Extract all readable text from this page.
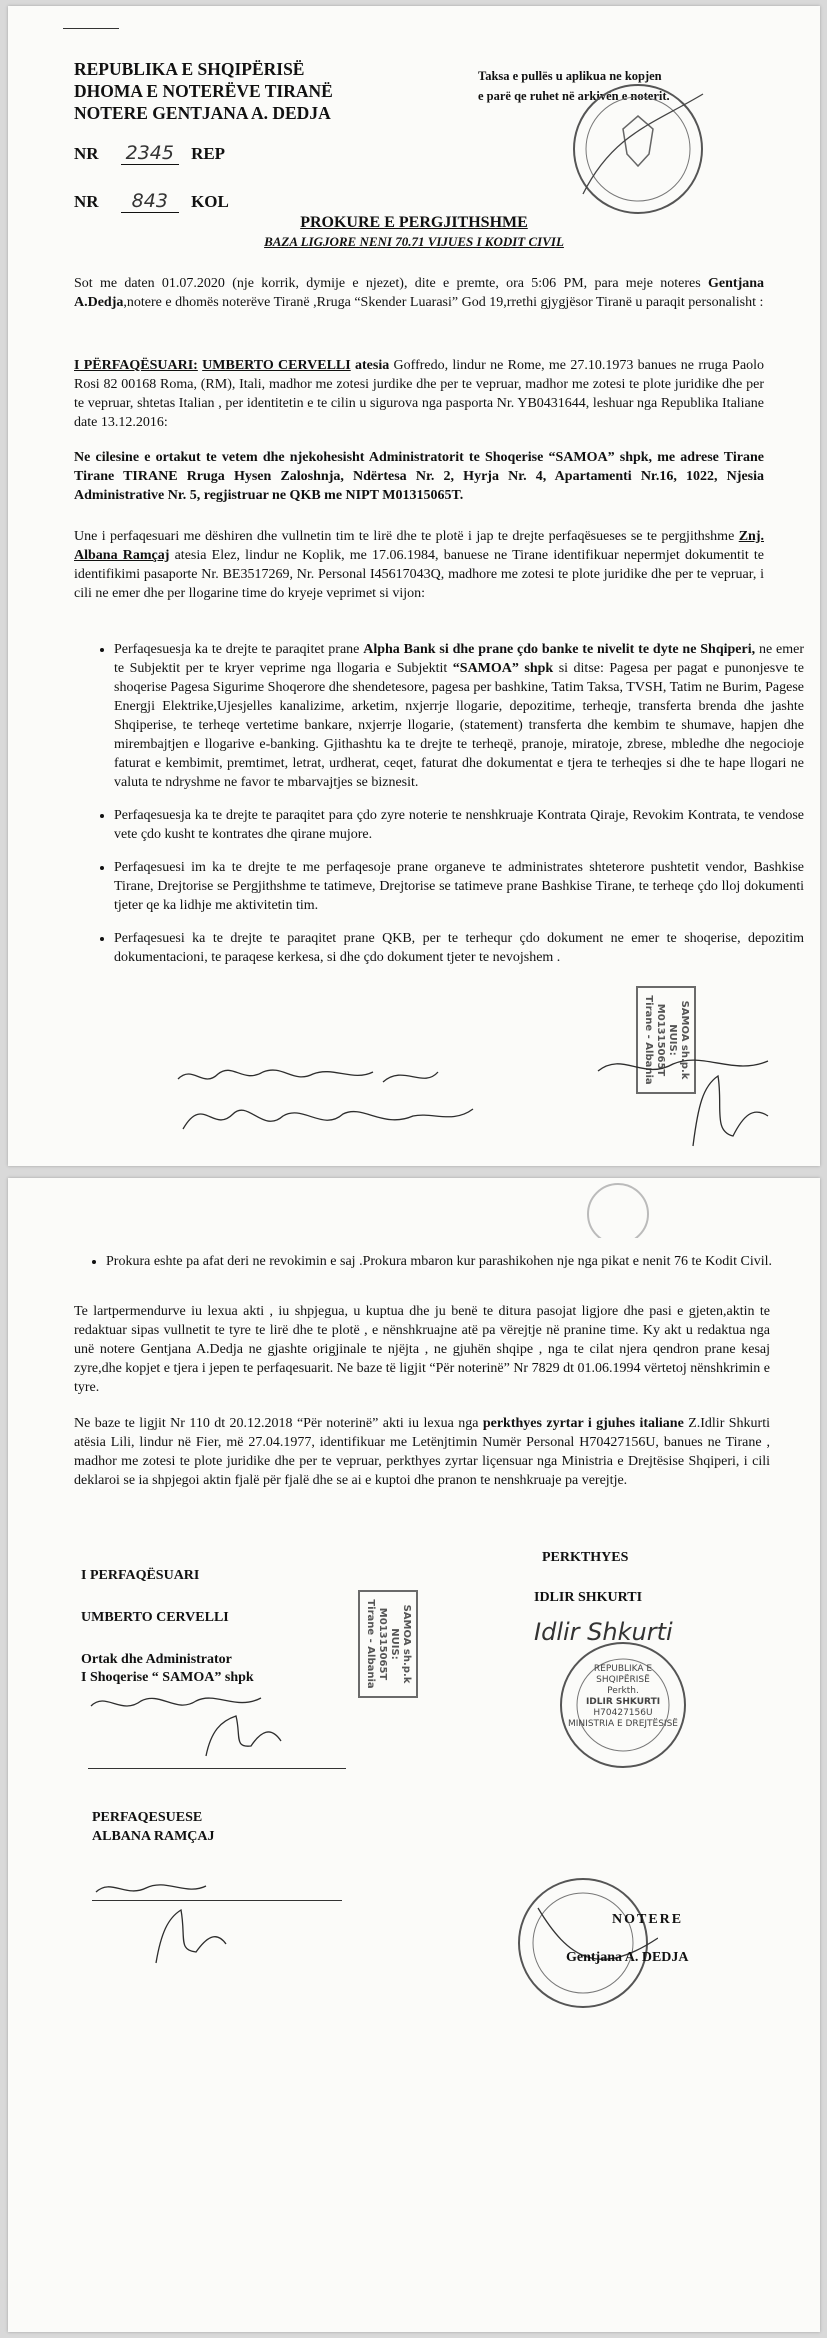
REPUBLIKA E SHQIPËRISË
DHOMA E NOTERËVE TIRANË
NOTERE GENTJANA A. DEDJA
Taksa e pullës u aplikua ne kopjen
e parë qe ruhet në arkivën e noterit.
NR 2345 REP
NR 843 KOL
PROKURE E PERGJITHSHME
BAZA LIGJORE NENI 70.71 VIJUES I KODIT CIVIL

Sot me daten 01.07.2020 (nje korrik, dymije e njezet), dite e premte, ora 5:06 PM, para meje noteres Gentjana A.Dedja,notere e dhomës noterëve Tiranë ,Rruga “Skender Luarasi” God 19,rrethi gjygjësor Tiranë u paraqit personalisht :

I PËRFAQËSUARI: UMBERTO CERVELLI atesia Goffredo, lindur ne Rome, me 27.10.1973 banues ne rruga Paolo Rosi 82 00168 Roma, (RM), Itali, madhor me zotesi jurdike dhe per te vepruar, madhor me zotesi te plote juridike dhe per te vepruar, shtetas Italian , per identitetin e te cilin u sigurova nga pasporta Nr. YB0431644, leshuar nga Republika Italiane date 13.12.2016:

Ne cilesine e ortakut te vetem dhe njekohesisht Administratorit te Shoqerise “SAMOA” shpk, me adrese Tirane Tirane TIRANE Rruga Hysen Zaloshnja, Ndërtesa Nr. 2, Hyrja Nr. 4, Apartamenti Nr.16, 1022, Njesia Administrative Nr. 5, regjistruar ne QKB me NIPT M01315065T.

Une i perfaqesuari me dëshiren dhe vullnetin tim te lirë dhe te plotë i jap te drejte perfaqësueses se te pergjithshme Znj. Albana Ramçaj atesia Elez, lindur ne Koplik, me 17.06.1984, banuese ne Tirane identifikuar nepermjet dokumentit te identifikimi pasaporte Nr. BE3517269, Nr. Personal I45617043Q, madhore me zotesi te plote juridike dhe per te vepruar, i cili ne emer dhe per llogarine time do kryeje veprimet si vijon:

• Perfaqesuesja ka te drejte te paraqitet prane Alpha Bank si dhe prane çdo banke te nivelit te dyte ne Shqiperi, ne emer te Subjektit per te kryer veprime nga llogaria e Subjektit “SAMOA” shpk si ditse: Pagesa per pagat e punonjesve te shoqerise Pagesa Sigurime Shoqerore dhe shendetesore, pagesa per bashkine, Tatim Taksa, TVSH, Tatim ne Burim, Pagese Energji Elektrike,Ujesjelles kanalizime, arketim, nxjerrje llogarie, depozitime, terheqje, transferta brenda dhe jashte Shqiperise, te terheqe vertetime bankare, nxjerrje llogarie, (statement) transferta dhe kembim te shumave, hapjen dhe mirembajtjen e llogarive e-banking. Gjithashtu ka te drejte te terheqë, pranoje, miratoje, zbrese, mbledhe dhe negocioje faturat e kembimit, premtimet, letrat, urdherat, ceqet, faturat dhe dokumentat e tjera te terheqjes si dhe te hape llogari ne valuta te ndryshme ne favor te mbarvajtjes se biznesit.
• Perfaqesuesja ka te drejte te paraqitet para çdo zyre noterie te nenshkruaje Kontrata Qiraje, Revokim Kontrata, te vendose vete çdo kusht te kontrates dhe qirane mujore.
• Perfaqesuesi im ka te drejte te me perfaqesoje prane organeve te administrates shteterore pushtetit vendor, Bashkise Tirane, Drejtorise se Pergjithshme te tatimeve, Drejtorise se tatimeve prane Bashkise Tirane, te terheqe çdo lloj dokumenti tjeter qe ka lidhje me aktivitetin tim.
• Perfaqesuesi ka te drejte te paraqitet prane QKB, per te terhequr çdo dokument ne emer te shoqerise, depozitim dokumentacioni, te paraqese kerkesa, si dhe çdo dokument tjeter te nevojshem .
SAMOA sh.p.k
NUIS: M01315065T
Tirane - Albania
• Prokura eshte pa afat deri ne revokimin e saj .Prokura mbaron kur parashikohen nje nga pikat e nenit 76 te Kodit Civil.

Te lartpermendurve iu lexua akti , iu shpjegua, u kuptua dhe ju benë te ditura pasojat ligjore dhe pasi e gjeten,aktin te redaktuar sipas vullnetit te tyre te lirë dhe te plotë , e nënshkruajne atë pa vërejtje në pranine time. Ky akt u redaktua nga unë notere Gentjana A.Dedja ne gjashte origjinale te njëjta , ne gjuhën shqipe , nga te cilat njera qendron prane kesaj zyre,dhe kopjet e tjera i jepen te perfaqesuarit. Ne baze të ligjit “Për noterinë” Nr 7829 dt 01.06.1994 vërtetoj nënshkrimin e tyre.

Ne baze te ligjit Nr 110 dt 20.12.2018 “Për noterinë” akti iu lexua nga perkthyes zyrtar i gjuhes italiane Z.Idlir Shkurti atësia Lili, lindur në Fier, më 27.04.1977, identifikuar me Letënjtimin Numër Personal H70427156U, banues ne Tirane , madhor me zotesi te plote juridike dhe per te vepruar, perkthyes zyrtar liçensuar nga Ministria e Drejtësise Shqiperi, i cili deklaroi se ia shpjegoi aktin fjalë për fjalë dhe se ai e kuptoi dhe pranon te nenshkruaje pa verejtje.

I PERFAQËSUARI
UMBERTO CERVELLI
Ortak dhe Administrator
I Shoqerise “ SAMOA” shpk	SAMOA sh.p.k
NUIS: M01315065T
Tirane - Albania
PERFAQESUESE
ALBANA RAMÇAJ
PERKTHYES
IDLIR SHKURTI
Idlir Shkurti
REPUBLIKA E SHQIPËRISË
Perkth.
IDLIR SHKURTI
H70427156U
MINISTRIA E DREJTËSISË
NOTERE
Gentjana A. DEDJA
